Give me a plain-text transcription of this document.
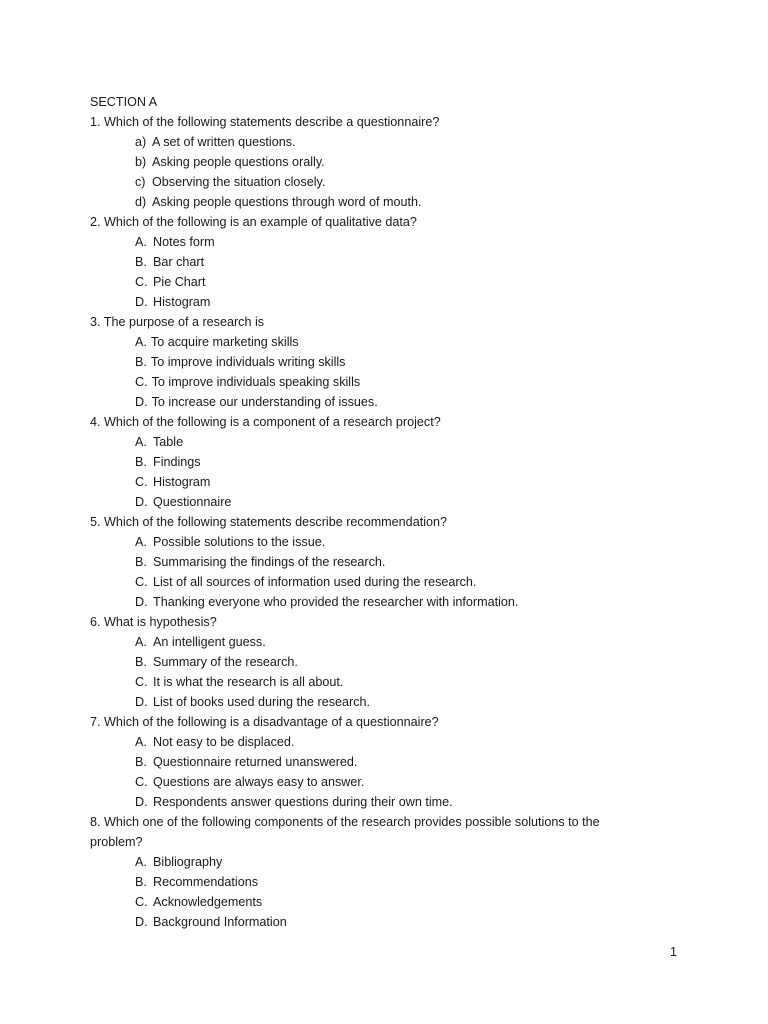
SECTION A
1. Which of the following statements describe a questionnaire?
a) A set of written questions.
b) Asking people questions orally.
c) Observing the situation closely.
d) Asking people questions through word of mouth.
2. Which of the following is an example of qualitative data?
A. Notes form
B. Bar chart
C. Pie Chart
D. Histogram
3. The purpose of a research is
A. To acquire marketing skills
B. To improve individuals writing skills
C. To improve individuals speaking skills
D. To increase our understanding of issues.
4. Which of the following is a component of a research project?
A. Table
B. Findings
C. Histogram
D. Questionnaire
5. Which of the following statements describe recommendation?
A. Possible solutions to the issue.
B. Summarising the findings of the research.
C. List of all sources of information used during the research.
D. Thanking everyone who provided the researcher with information.
6. What is hypothesis?
A. An intelligent guess.
B. Summary of the research.
C. It is what the research is all about.
D. List of books used during the research.
7. Which of the following is a disadvantage of a questionnaire?
A. Not easy to be displaced.
B. Questionnaire returned unanswered.
C. Questions are always easy to answer.
D. Respondents answer questions during their own time.
8. Which one of the following components of the research provides possible solutions to the problem?
A. Bibliography
B. Recommendations
C. Acknowledgements
D. Background Information
1
